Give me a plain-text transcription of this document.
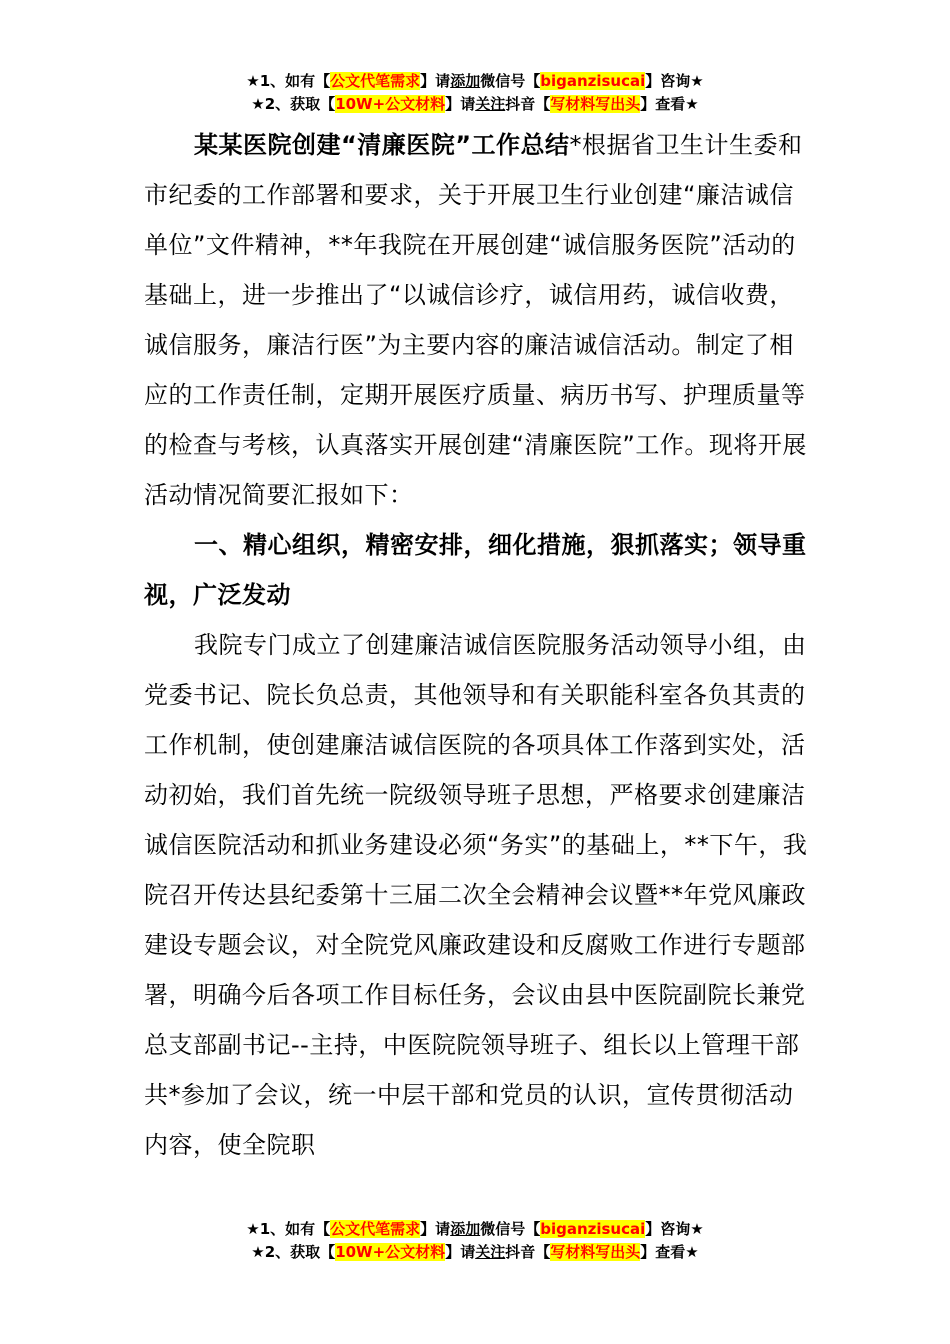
★1、如有【公文代笔需求】请添加微信号【biganzisucai】咨询★
★2、获取【10W+公文材料】请关注抖音【写材料写出头】查看★

某某医院创建“清廉医院”工作总结*根据省卫生计生委和市纪委的工作部署和要求，关于开展卫生行业创建“廉洁诚信单位”文件精神，**年我院在开展创建“诚信服务医院”活动的基础上，进一步推出了“以诚信诊疗，诚信用药，诚信收费，诚信服务，廉洁行医”为主要内容的廉洁诚信活动。制定了相应的工作责任制，定期开展医疗质量、病历书写、护理质量等的检查与考核，认真落实开展创建“清廉医院”工作。现将开展活动情况简要汇报如下：

一、精心组织，精密安排，细化措施，狠抓落实；领导重视，广泛发动

我院专门成立了创建廉洁诚信医院服务活动领导小组，由党委书记、院长负总责，其他领导和有关职能科室各负其责的工作机制，使创建廉洁诚信医院的各项具体工作落到实处，活动初始，我们首先统一院级领导班子思想，严格要求创建廉洁诚信医院活动和抓业务建设必须“务实”的基础上，**下午，我院召开传达县纪委第十三届二次全会精神会议暨**年党风廉政建设专题会议，对全院党风廉政建设和反腐败工作进行专题部署，明确今后各项工作目标任务，会议由县中医院副院长兼党总支部副书记--主持，中医院院领导班子、组长以上管理干部共*参加了会议，统一中层干部和党员的认识，宣传贯彻活动内容，使全院职

★1、如有【公文代笔需求】请添加微信号【biganzisucai】咨询★
★2、获取【10W+公文材料】请关注抖音【写材料写出头】查看★
